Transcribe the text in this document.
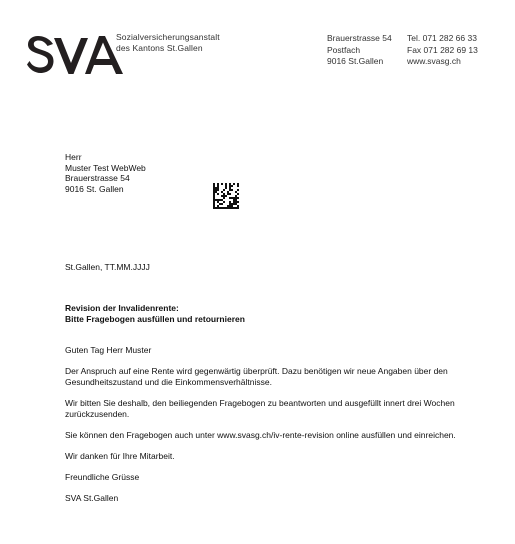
Sozialversicherungsanstalt
des Kantons St.Gallen
Brauerstrasse 54
Postfach
9016 St.Gallen
Tel. 071 282 66 33
Fax 071 282 69 13
www.svasg.ch
Herr
Muster Test WebWeb
Brauerstrasse 54
9016 St. Gallen
St.Gallen, TT.MM.JJJJ
Revision der Invalidenrente:
Bitte Fragebogen ausfüllen und retournieren

Guten Tag Herr Muster

Der Anspruch auf eine Rente wird gegenwärtig überprüft. Dazu benötigen wir neue Angaben über den Gesundheitszustand und die Einkommensverhältnisse.

Wir bitten Sie deshalb, den beiliegenden Fragebogen zu beantworten und ausgefüllt innert drei Wochen zurückzusenden.

Sie können den Fragebogen auch unter www.svasg.ch/iv-rente-revision online ausfüllen und einreichen.

Wir danken für Ihre Mitarbeit.

Freundliche Grüsse

SVA St.Gallen
